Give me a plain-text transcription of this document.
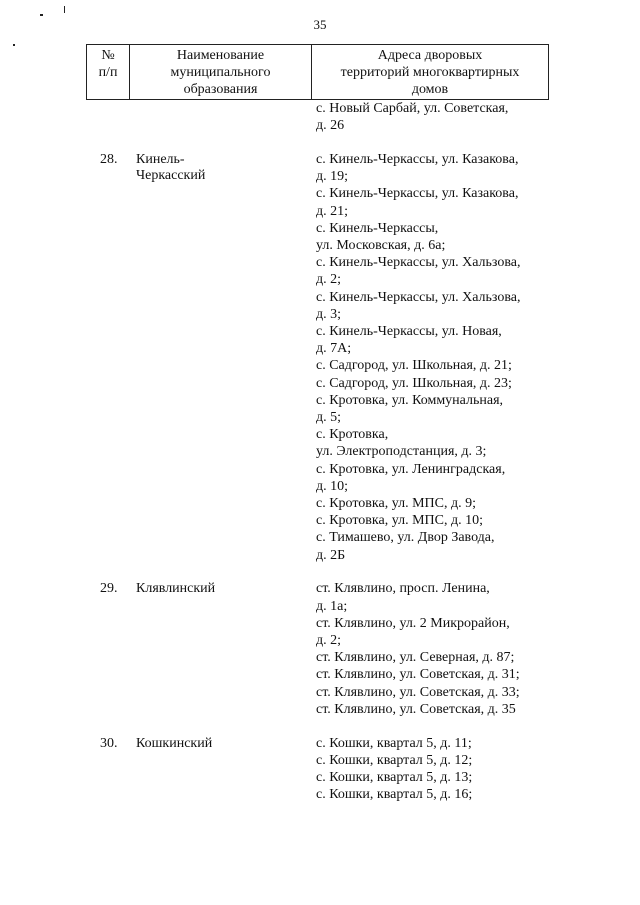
35
№
п/п
Наименование
муниципального
образования
Адреса дворовых
территорий многоквартирных
домов
с. Новый Сарбай, ул. Советская,
д. 26
28. Кинель-Черкасский
с. Кинель-Черкассы, ул. Казакова,
д. 19;
с. Кинель-Черкассы, ул. Казакова,
д. 21;
с. Кинель-Черкассы,
ул. Московская, д. 6а;
с. Кинель-Черкассы, ул. Хальзова,
д. 2;
с. Кинель-Черкассы, ул. Хальзова,
д. 3;
с. Кинель-Черкассы, ул. Новая,
д. 7А;
с. Садгород, ул. Школьная, д. 21;
с. Садгород, ул. Школьная, д. 23;
с. Кротовка, ул. Коммунальная,
д. 5;
с. Кротовка,
ул. Электроподстанция, д. 3;
с. Кротовка, ул. Ленинградская,
д. 10;
с. Кротовка, ул. МПС, д. 9;
с. Кротовка, ул. МПС, д. 10;
с. Тимашево, ул. Двор Завода,
д. 2Б
29. Клявлинский	ст. Клявлино, просп. Ленина,
д. 1а;
ст. Клявлино, ул. 2 Микрорайон,
д. 2;
ст. Клявлино, ул. Северная, д. 87;
ст. Клявлино, ул. Советская, д. 31;
ст. Клявлино, ул. Советская, д. 33;
ст. Клявлино, ул. Советская, д. 35
30. Кошкинский	с. Кошки, квартал 5, д. 11;
с. Кошки, квартал 5, д. 12;
с. Кошки, квартал 5, д. 13;
с. Кошки, квартал 5, д. 16;
